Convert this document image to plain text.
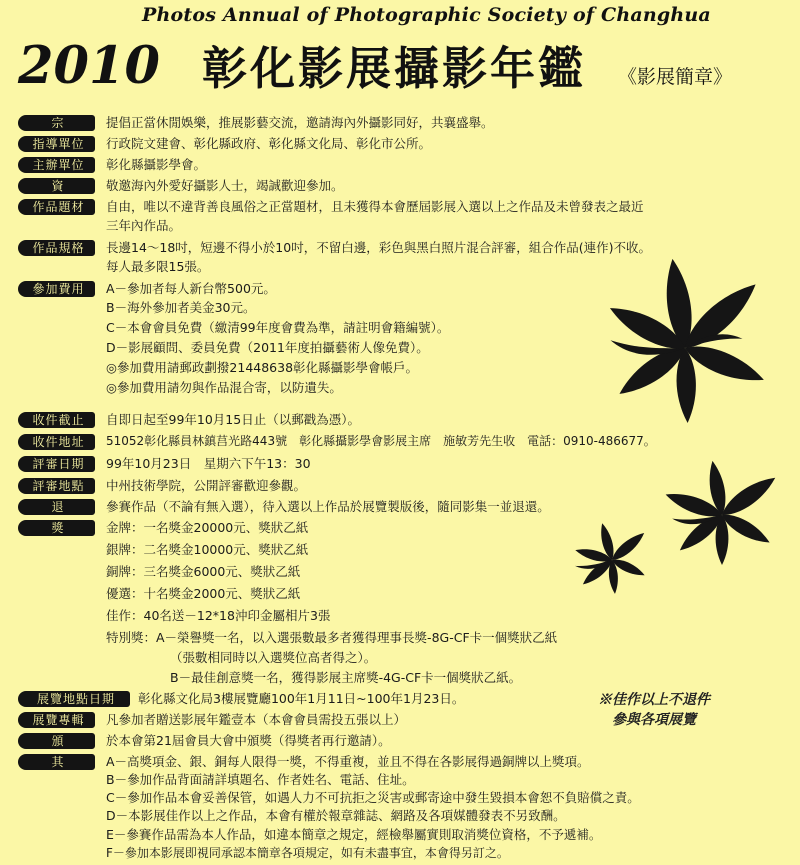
Photos Annual of Photographic Society of Changhua
2010 彰化影展攝影年鑑 《影展簡章》
宗	提倡正當休閒娛樂，推展影藝交流，邀請海內外攝影同好，共襄盛舉。
指導單位	行政院文建會、彰化縣政府、彰化縣文化局、彰化市公所。
主辦單位	彰化縣攝影學會。
資	敬邀海內外愛好攝影人士，竭誠歡迎參加。
作品題材	自由，唯以不違背善良風俗之正當題材，且未獲得本會歷屆影展入選以上之作品及未曾發表之最近
三年內作品。
作品規格	長邊14～18吋，短邊不得小於10吋，不留白邊，彩色與黑白照片混合評審，組合作品(連作)不收。
每人最多限15張。
參加費用	A－參加者每人新台幣500元。
B－海外參加者美金30元。
C－本會會員免費（繳清99年度會費為準，請註明會籍編號）。
D－影展顧問、委員免費（2011年度拍攝藝術人像免費）。
◎參加費用請郵政劃撥21448638彰化縣攝影學會帳戶。
◎參加費用請勿與作品混合寄，以防遺失。
收件截止	自即日起至99年10月15日止（以郵戳為憑）。
收件地址	51052彰化縣員林鎮莒光路443號　彰化縣攝影學會影展主席　施敏芳先生收　電話：0910-486677。
評審日期	99年10月23日　星期六下午13：30
評審地點	中州技術學院，公開評審歡迎參觀。
退	參賽作品（不論有無入選），待入選以上作品於展覽製版後，隨同影集一並退還。
獎	金牌：一名獎金20000元、獎狀乙紙
銀牌：二名獎金10000元、獎狀乙紙
銅牌：三名獎金6000元、獎狀乙紙
優選：十名獎金2000元、獎狀乙紙
佳作：40名送－12*18沖印金屬相片3張
特別獎：A－榮譽獎一名，以入選張數最多者獲得理事長獎-8G-CF卡一個獎狀乙紙
（張數相同時以入選獎位高者得之）。
B－最佳創意獎一名，獲得影展主席獎-4G-CF卡一個獎狀乙紙。
展覽地點日期	彰化縣文化局3樓展覽廳100年1月11日~100年1月23日。
展覽專輯	凡參加者贈送影展年鑑壹本（本會會員需投五張以上）
頒	於本會第21屆會員大會中頒獎（得獎者再行邀請）。
其	A－高獎項金、銀、銅每人限得一獎，不得重複，並且不得在各影展得過銅牌以上獎項。
B－參加作品背面請詳填題名、作者姓名、電話、住址。
C－參加作品本會妥善保管，如遇人力不可抗拒之災害或郵寄途中發生毀損本會恕不負賠償之責。
D－本影展佳作以上之作品，本會有權於報章雜誌、網路及各項媒體發表不另致酬。
E－參賽作品需為本人作品，如違本簡章之規定，經檢舉屬實則取消獎位資格，不予遞補。
F－參加本影展即視同承認本簡章各項規定，如有未盡事宜，本會得另訂之。
※佳作以上不退件
參與各項展覽
